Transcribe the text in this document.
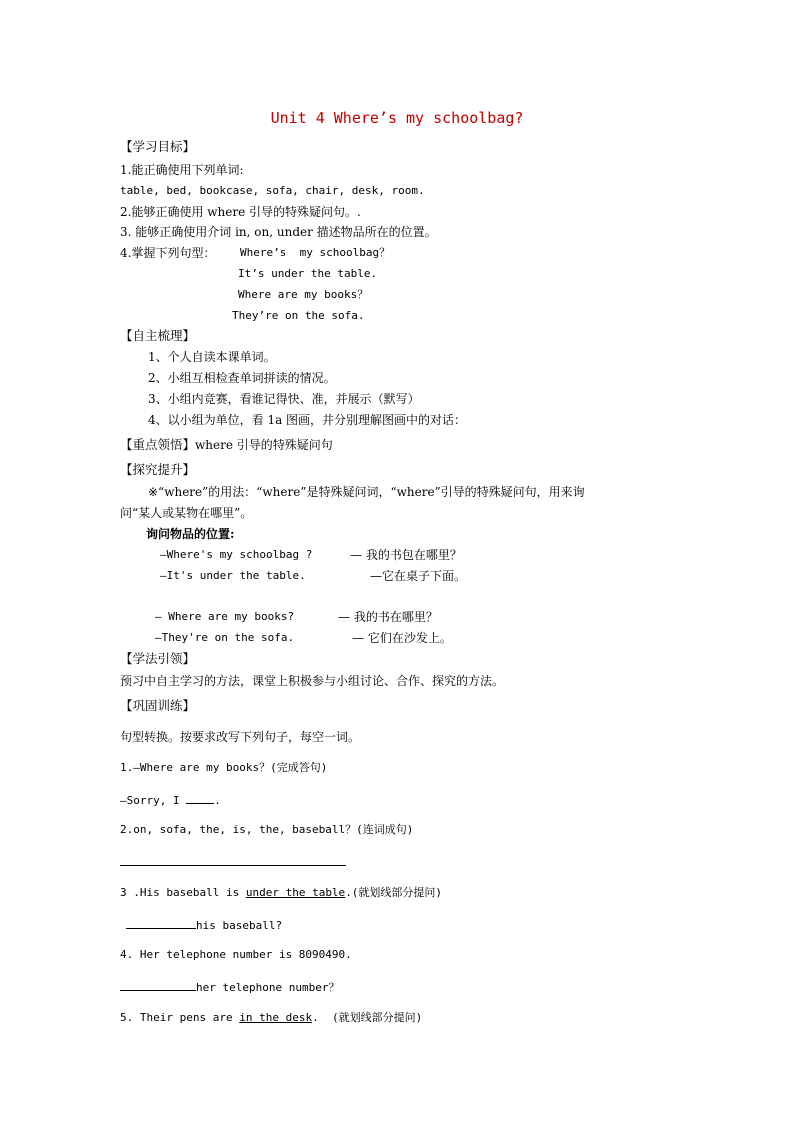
Unit 4 Where’s my schoolbag?
【学习目标】
1.能正确使用下列单词:
table, bed, bookcase, sofa, chair, desk, room.
2.能够正确使用 where 引导的特殊疑问句。.
3. 能够正确使用介词 in, on, under 描述物品所在的位置。
4.掌握下列句型： Where’s  my schoolbag？
It’s under the table.
Where are my books？
They’re on the sofa.
【自主梳理】
1、个人自读本课单词。
2、小组互相检查单词拼读的情况。
3、小组内竞赛，看谁记得快、准，并展示（默写）
4、以小组为单位，看 1a 图画，并分别理解图画中的对话：
【重点领悟】where 引导的特殊疑问句
【探究提升】
※“where”的用法：“where”是特殊疑问词，“where”引导的特殊疑问句，用来询
问“某人或某物在哪里”。
询问物品的位置:
—Where's my schoolbag ?	— 我的书包在哪里？
—It's under the table.	—它在桌子下面。
— Where are my books?	— 我的书在哪里？
—They're on the sofa.	— 它们在沙发上。
【学法引领】
预习中自主学习的方法，课堂上积极参与小组讨论、合作、探究的方法。
【巩固训练】
句型转换。按要求改写下列句子，每空一词。
1.—Where are my books？(完成答句)
—Sorry, I	.
2.on, sofa, the, is, the, baseball？(连词成句)
3 .His baseball is under the table.(就划线部分提问)
his baseball?
4. Her telephone number is 8090490.
her telephone number？
5. Their pens are in the desk.  (就划线部分提问)
